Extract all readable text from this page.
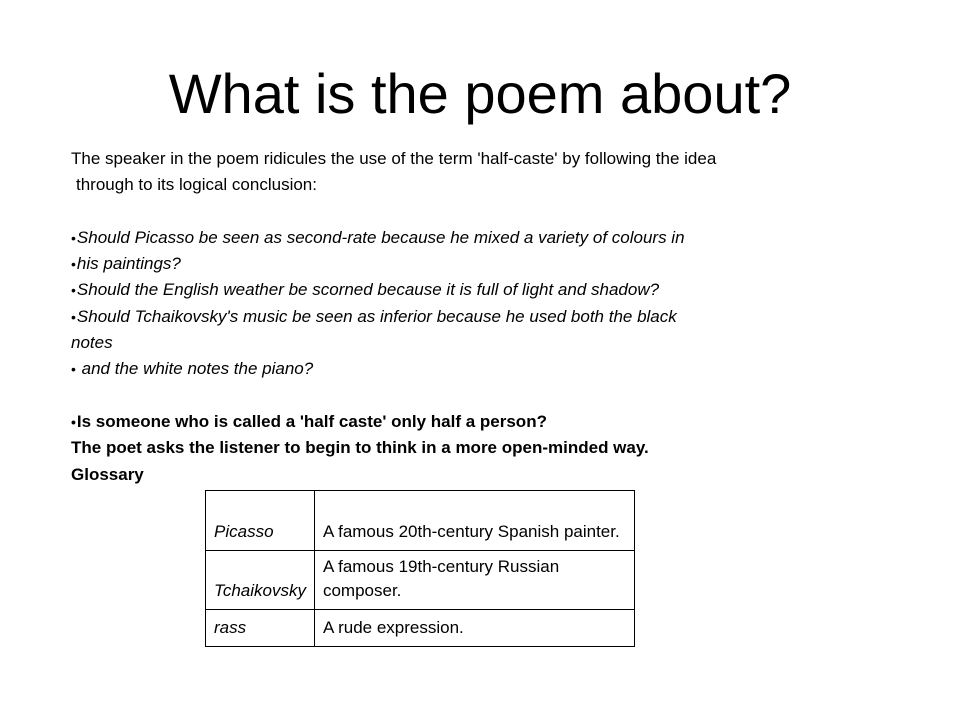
What is the poem about?
The speaker in the poem ridicules the use of the term 'half-caste' by following the idea
through to its logical conclusion:
•Should Picasso be seen as second-rate because he mixed a variety of colours in
•his paintings?
•Should the English weather be scorned because it is full of light and shadow?
•Should Tchaikovsky's music be seen as inferior because he used both the black
notes
• and the white notes the piano?
•Is someone who is called a 'half caste' only half a person?
The poet asks the listener to begin to think in a more open-minded way.
Glossary
Picasso	A famous 20th-century Spanish painter.
Tchaikovsky	A famous 19th-century Russian composer.
rass	A rude expression.
